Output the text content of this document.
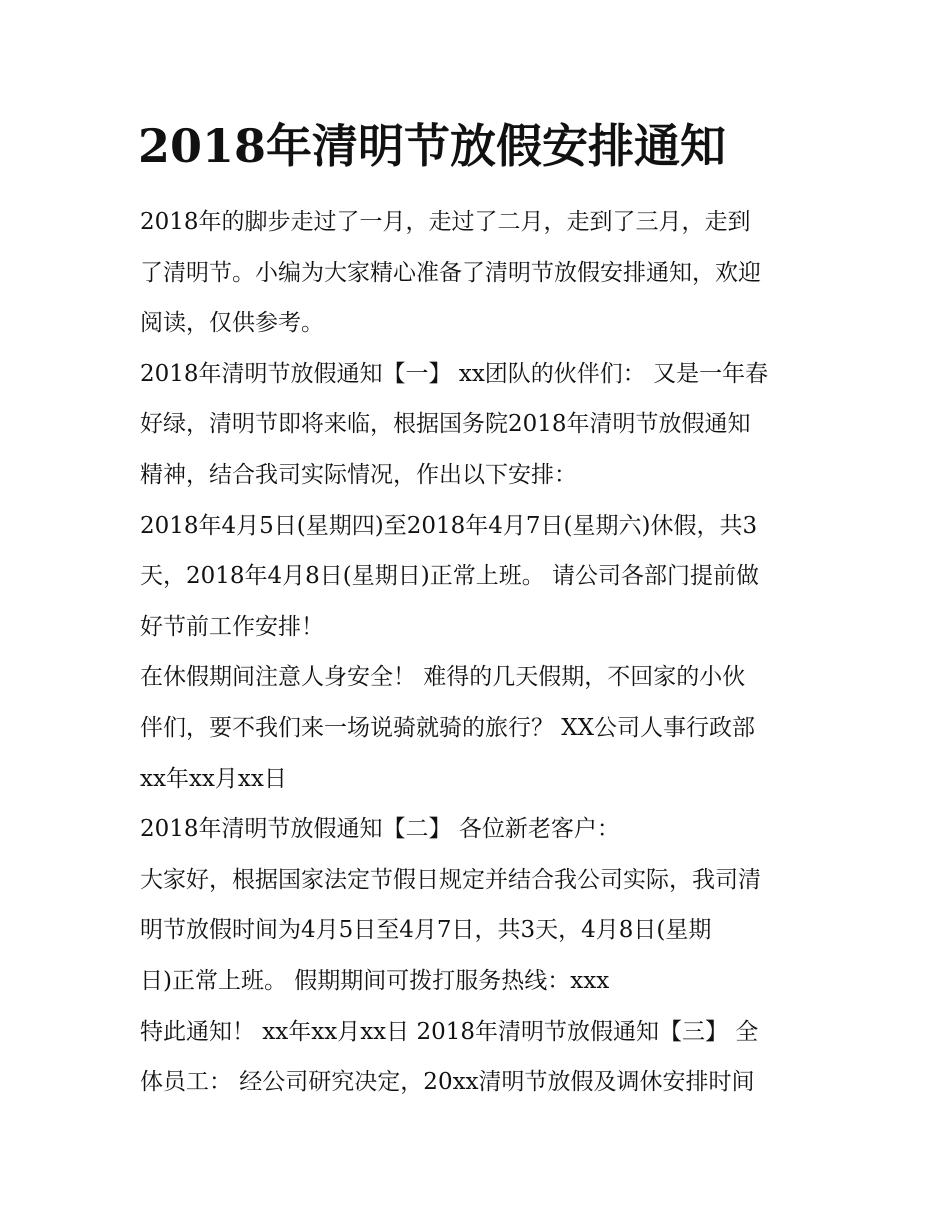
2018年清明节放假安排通知
2018年的脚步走过了一月，走过了二月，走到了三月，走到
了清明节。小编为大家精心准备了清明节放假安排通知，欢迎
阅读，仅供参考。
2018年清明节放假通知【一】 xx团队的伙伴们： 又是一年春
好绿，清明节即将来临，根据国务院2018年清明节放假通知
精神，结合我司实际情况，作出以下安排：
2018年4月5日(星期四)至2018年4月7日(星期六)休假，共3
天，2018年4月8日(星期日)正常上班。 请公司各部门提前做
好节前工作安排！
在休假期间注意人身安全！ 难得的几天假期，不回家的小伙
伴们，要不我们来一场说骑就骑的旅行？ XX公司人事行政部
xx年xx月xx日
2018年清明节放假通知【二】 各位新老客户：
大家好，根据国家法定节假日规定并结合我公司实际，我司清
明节放假时间为4月5日至4月7日，共3天，4月8日(星期
日)正常上班。 假期期间可拨打服务热线：xxx
特此通知！ xx年xx月xx日 2018年清明节放假通知【三】 全
体员工： 经公司研究决定，20xx清明节放假及调休安排时间
